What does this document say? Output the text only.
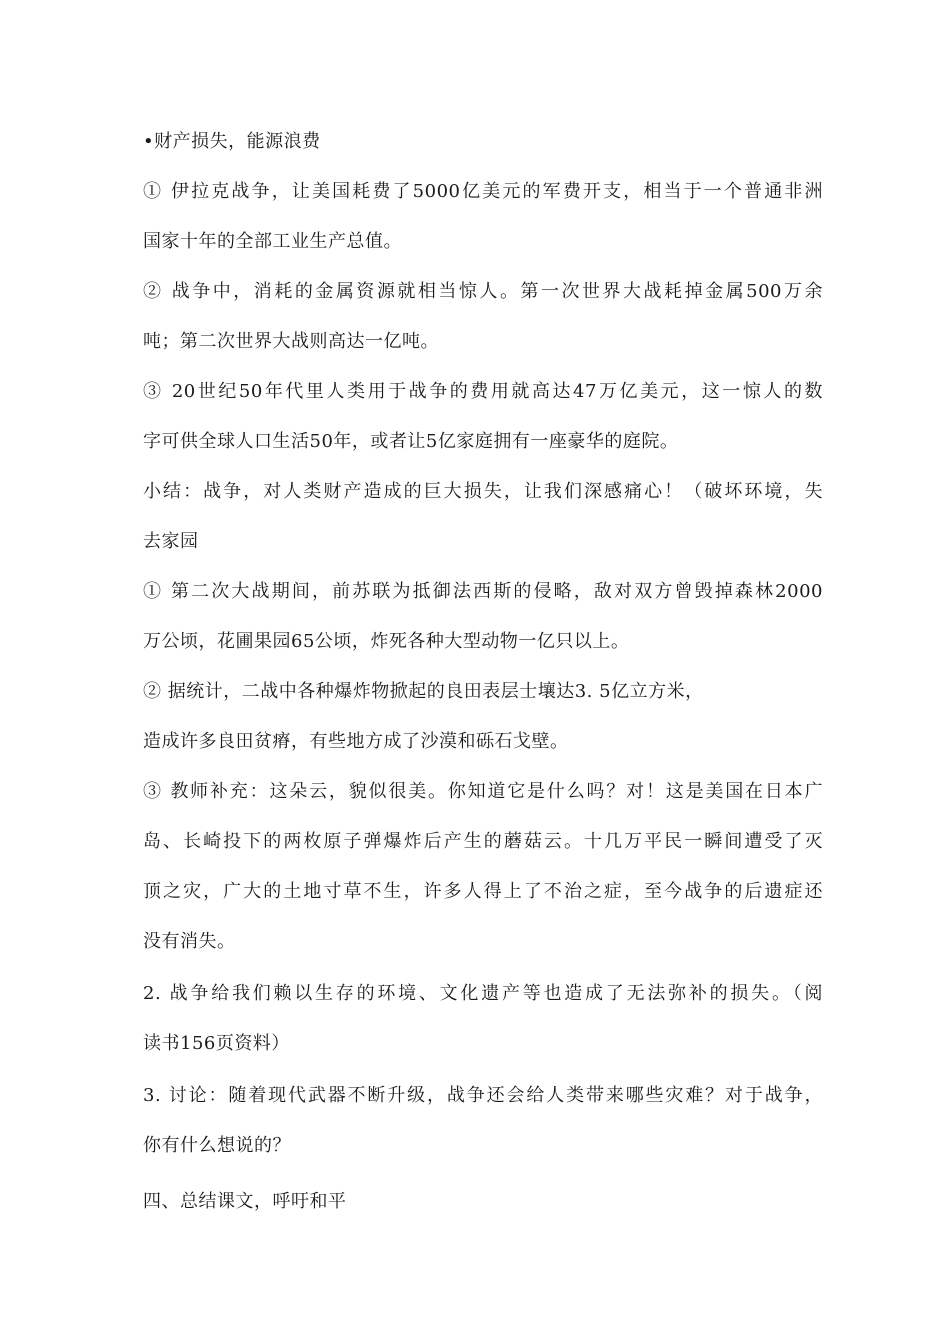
•财产损失，能源浪费
① 伊拉克战争，让美国耗费了5000亿美元的军费开支，相当于一个普通非洲
国家十年的全部工业生产总值。
② 战争中，消耗的金属资源就相当惊人。第一次世界大战耗掉金属500万余
吨；第二次世界大战则高达一亿吨。
③ 20世纪50年代里人类用于战争的费用就高达47万亿美元，这一惊人的数
字可供全球人口生活50年，或者让5亿家庭拥有一座豪华的庭院。
小结：战争，对人类财产造成的巨大损失，让我们深感痛心！（破坏环境，失
去家园
① 第二次大战期间，前苏联为抵御法西斯的侵略，敌对双方曾毁掉森林2000
万公顷，花圃果园65公顷，炸死各种大型动物一亿只以上。
② 据统计，二战中各种爆炸物掀起的良田表层士壤达3. 5亿立方米，
造成许多良田贫瘠，有些地方成了沙漠和砾石戈壁。
③ 教师补充：这朵云，貌似很美。你知道它是什么吗？对！这是美国在日本广
岛、长崎投下的两枚原子弹爆炸后产生的蘑菇云。十几万平民一瞬间遭受了灭
顶之灾，广大的土地寸草不生，许多人得上了不治之症，至今战争的后遗症还
没有消失。
2. 战争给我们赖以生存的环境、文化遗产等也造成了无法弥补的损失。（阅
读书156页资料）
3. 讨论：随着现代武器不断升级，战争还会给人类带来哪些灾难？对于战争，
你有什么想说的？
四、总结课文，呼吁和平
